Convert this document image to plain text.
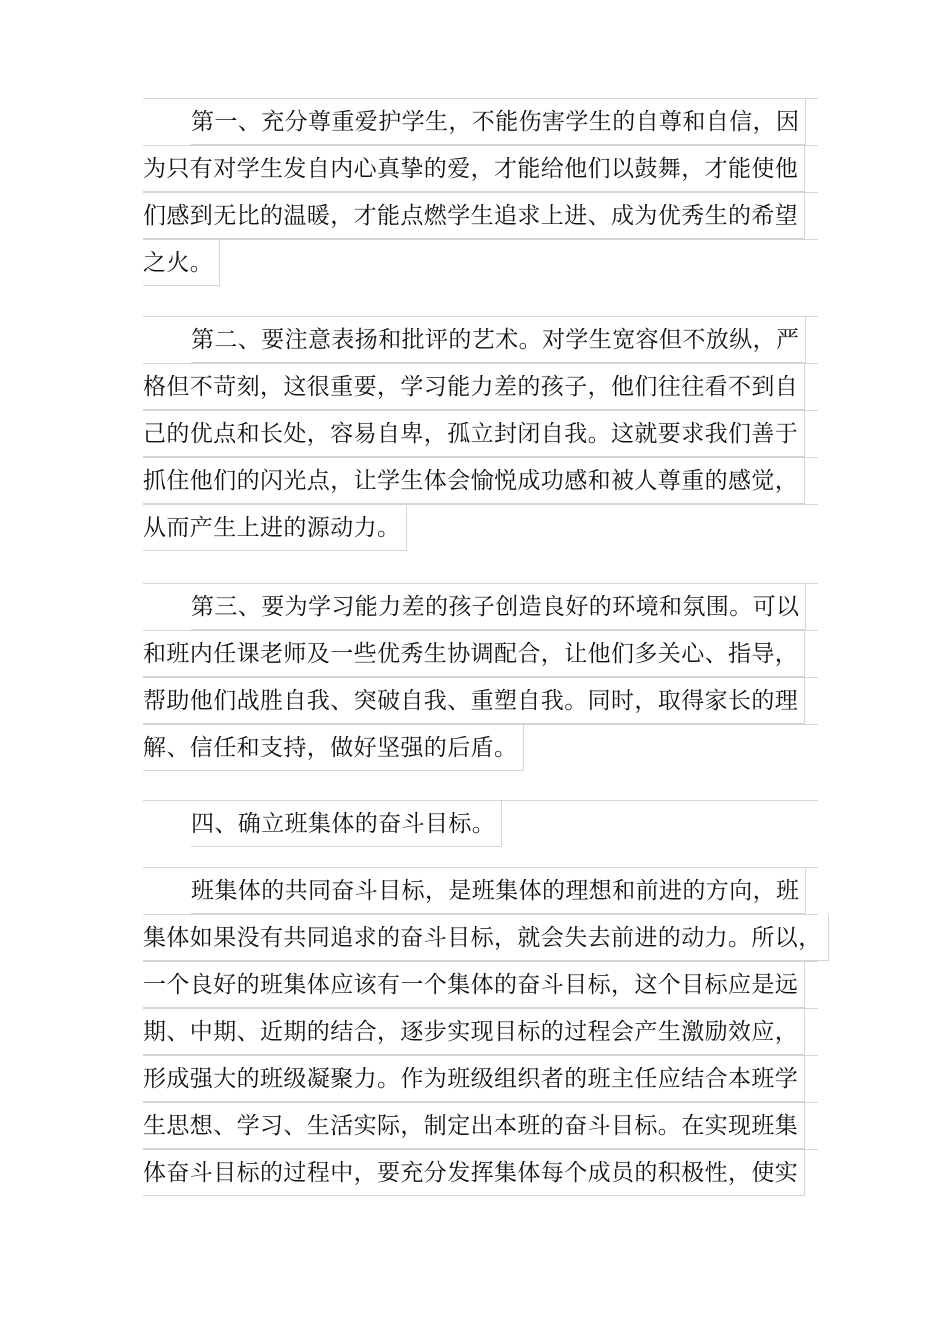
第一、充分尊重爱护学生，不能伤害学生的自尊和自信，因
为只有对学生发自内心真挚的爱，才能给他们以鼓舞，才能使他
们感到无比的温暖，才能点燃学生追求上进、成为优秀生的希望
之火。
第二、要注意表扬和批评的艺术。对学生宽容但不放纵，严
格但不苛刻，这很重要，学习能力差的孩子，他们往往看不到自
己的优点和长处，容易自卑，孤立封闭自我。这就要求我们善于
抓住他们的闪光点，让学生体会愉悦成功感和被人尊重的感觉，
从而产生上进的源动力。
第三、要为学习能力差的孩子创造良好的环境和氛围。可以
和班内任课老师及一些优秀生协调配合，让他们多关心、指导，
帮助他们战胜自我、突破自我、重塑自我。同时，取得家长的理
解、信任和支持，做好坚强的后盾。
四、确立班集体的奋斗目标。
班集体的共同奋斗目标，是班集体的理想和前进的方向，班
集体如果没有共同追求的奋斗目标，就会失去前进的动力。所以，
一个良好的班集体应该有一个集体的奋斗目标，这个目标应是远
期、中期、近期的结合，逐步实现目标的过程会产生激励效应，
形成强大的班级凝聚力。作为班级组织者的班主任应结合本班学
生思想、学习、生活实际，制定出本班的奋斗目标。在实现班集
体奋斗目标的过程中，要充分发挥集体每个成员的积极性，使实
